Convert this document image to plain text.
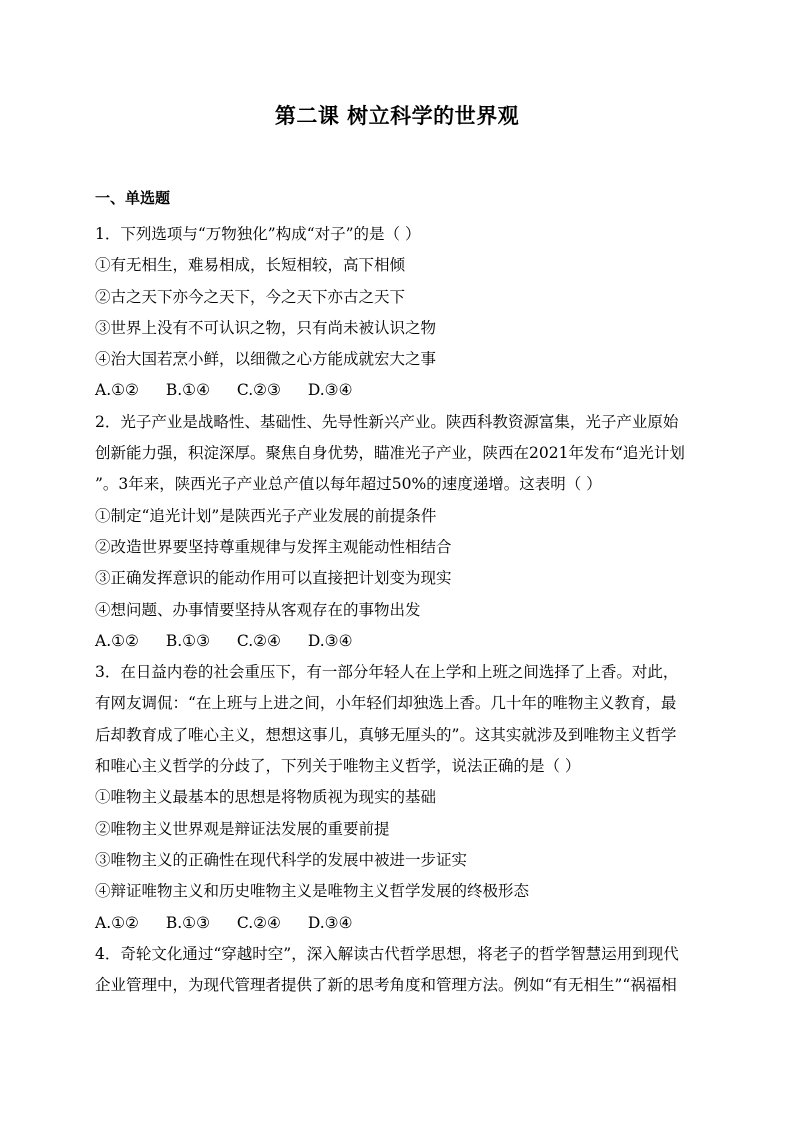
第二课 树立科学的世界观
一、单选题
1．下列选项与“万物独化”构成“对子”的是（ ）
①有无相生，难易相成，长短相较，高下相倾
②古之天下亦今之天下，今之天下亦古之天下
③世界上没有不可认识之物，只有尚未被认识之物
④治大国若烹小鲜，以细微之心方能成就宏大之事
A.①② B.①④ C.②③ D.③④
2．光子产业是战略性、基础性、先导性新兴产业。陕西科教资源富集，光子产业原始
创新能力强，积淀深厚。聚焦自身优势，瞄准光子产业，陕西在2021年发布“追光计划
”。3年来，陕西光子产业总产值以每年超过50%的速度递增。这表明（ ）
①制定“追光计划”是陕西光子产业发展的前提条件
②改造世界要坚持尊重规律与发挥主观能动性相结合
③正确发挥意识的能动作用可以直接把计划变为现实
④想问题、办事情要坚持从客观存在的事物出发
A.①② B.①③ C.②④ D.③④
3．在日益内卷的社会重压下，有一部分年轻人在上学和上班之间选择了上香。对此，
有网友调侃：“在上班与上进之间，小年轻们却独选上香。几十年的唯物主义教育，最
后却教育成了唯心主义，想想这事儿，真够无厘头的”。这其实就涉及到唯物主义哲学
和唯心主义哲学的分歧了，下列关于唯物主义哲学，说法正确的是（ ）
①唯物主义最基本的思想是将物质视为现实的基础
②唯物主义世界观是辩证法发展的重要前提
③唯物主义的正确性在现代科学的发展中被进一步证实
④辩证唯物主义和历史唯物主义是唯物主义哲学发展的终极形态
A.①② B.①③ C.②④ D.③④
4．奇轮文化通过“穿越时空”，深入解读古代哲学思想，将老子的哲学智慧运用到现代
企业管理中，为现代管理者提供了新的思考角度和管理方法。例如“有无相生”“祸福相
